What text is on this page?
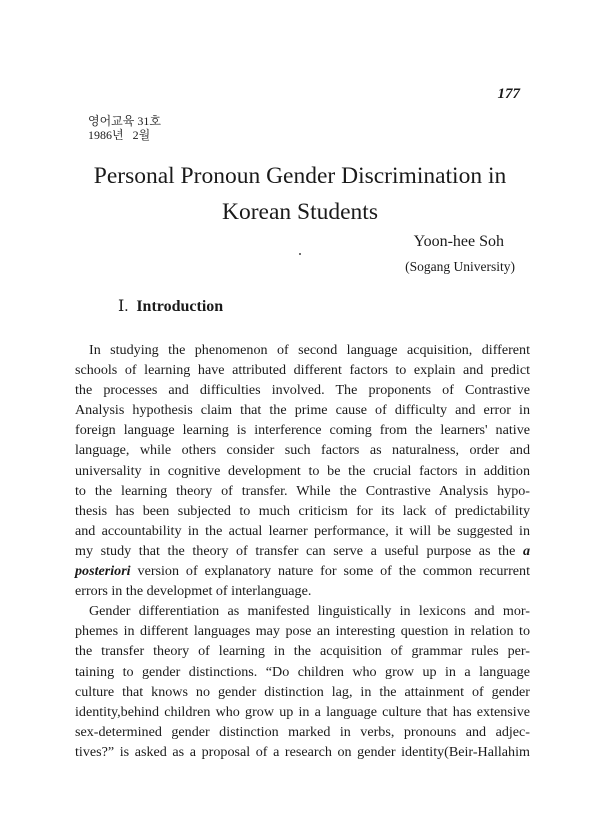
177
영어교육 31호
1986년   2월
Personal Pronoun Gender Discrimination in
Korean Students
Yoon-hee Soh
(Sogang University)
Ⅰ. Introduction
In studying the phenomenon of second language acquisition, different
schools of learning have attributed different factors to explain and predict
the processes and difficulties involved. The proponents of Contrastive
Analysis hypothesis claim that the prime cause of difficulty and error in
foreign language learning is interference coming from the learners' native
language, while others consider such factors as naturalness, order and
universality in cognitive development to be the crucial factors in addition
to the learning theory of transfer. While the Contrastive Analysis hypo-
thesis has been subjected to much criticism for its lack of predictability
and accountability in the actual learner performance, it will be suggested in
my study that the theory of transfer can serve a useful purpose as the a
posteriori version of explanatory nature for some of the common recurrent
errors in the developmet of interlanguage.
Gender differentiation as manifested linguistically in lexicons and mor-
phemes in different languages may pose an interesting question in relation to
the transfer theory of learning in the acquisition of grammar rules per-
taining to gender distinctions. “Do children who grow up in a language
culture that knows no gender distinction lag, in the attainment of gender
identity,behind children who grow up in a language culture that has extensive
sex-determined gender distinction marked in verbs, pronouns and adjec-
tives?” is asked as a proposal of a research on gender identity(Beir-Hallahim
